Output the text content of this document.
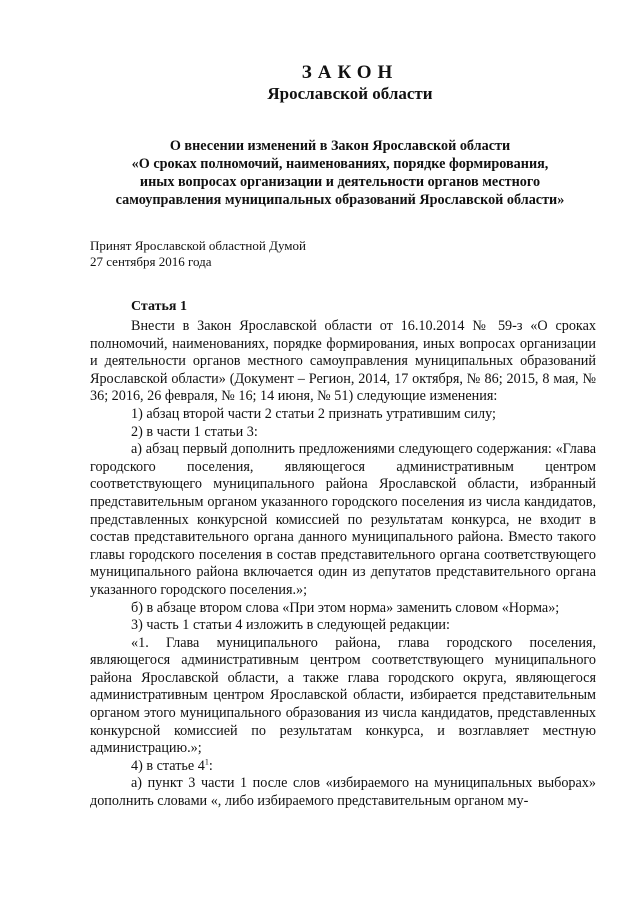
ЗАКОН
Ярославской области
О внесении изменений в Закон Ярославской области
«О сроках полномочий, наименованиях, порядке формирования,
иных вопросах организации и деятельности органов местного
самоуправления муниципальных образований Ярославской области»
Принят Ярославской областной Думой
27 сентября 2016 года
Статья 1

Внести в Закон Ярославской области от 16.10.2014 № 59-з «О сроках полномочий, наименованиях, порядке формирования, иных вопросах организации и деятельности органов местного самоуправления муниципальных образований Ярославской области» (Документ – Регион, 2014, 17 октября, № 86; 2015, 8 мая, № 36; 2016, 26 февраля, № 16; 14 июня, № 51) следующие изменения:

1) абзац второй части 2 статьи 2 признать утратившим силу;

2) в части 1 статьи 3:

а) абзац первый дополнить предложениями следующего содержания: «Глава городского поселения, являющегося административным центром соответствующего муниципального района Ярославской области, избранный представительным органом указанного городского поселения из числа кандидатов, представленных конкурсной комиссией по результатам конкурса, не входит в состав представительного органа данного муниципального района. Вместо такого главы городского поселения в состав представительного органа соответствующего муниципального района включается один из депутатов представительного органа указанного городского поселения.»;

б) в абзаце втором слова «При этом норма» заменить словом «Норма»;

3) часть 1 статьи 4 изложить в следующей редакции:

«1. Глава муниципального района, глава городского поселения, являющегося административным центром соответствующего муниципального района Ярославской области, а также глава городского округа, являющегося административным центром Ярославской области, избирается представительным органом этого муниципального образования из числа кандидатов, представленных конкурсной комиссией по результатам конкурса, и возглавляет местную администрацию.»;

4) в статье $4^1$:

а) пункт 3 части 1 после слов «избираемого на муниципальных выборах» дополнить словами «, либо избираемого представительным органом му-
